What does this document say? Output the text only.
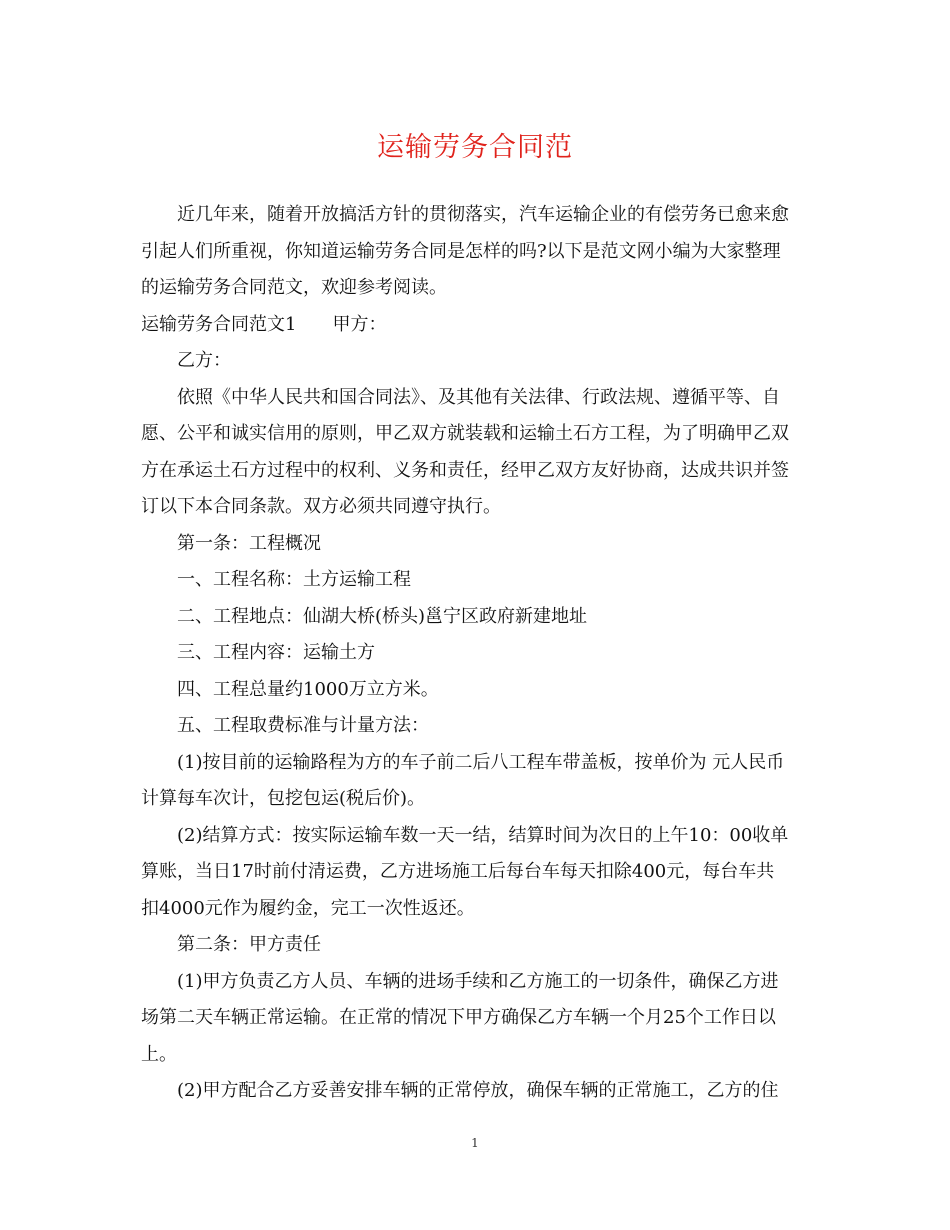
运输劳务合同范

近几年来，随着开放搞活方针的贯彻落实，汽车运输企业的有偿劳务已愈来愈

引起人们所重视，你知道运输劳务合同是怎样的吗?以下是范文网小编为大家整理

的运输劳务合同范文，欢迎参考阅读。

运输劳务合同范文1 甲方：

乙方：

依照《中华人民共和国合同法》、及其他有关法律、行政法规、遵循平等、自

愿、公平和诚实信用的原则，甲乙双方就装载和运输土石方工程，为了明确甲乙双

方在承运土石方过程中的权利、义务和责任，经甲乙双方友好协商，达成共识并签

订以下本合同条款。双方必须共同遵守执行。

第一条：工程概况

一、工程名称：土方运输工程

二、工程地点：仙湖大桥(桥头)邕宁区政府新建地址

三、工程内容：运输土方

四、工程总量约1000万立方米。

五、工程取费标准与计量方法：

(1)按目前的运输路程为方的车子前二后八工程车带盖板，按单价为 元人民币

计算每车次计，包挖包运(税后价)。

(2)结算方式：按实际运输车数一天一结，结算时间为次日的上午10：00收单

算账，当日17时前付清运费，乙方进场施工后每台车每天扣除400元，每台车共

扣4000元作为履约金，完工一次性返还。

第二条：甲方责任

(1)甲方负责乙方人员、车辆的进场手续和乙方施工的一切条件，确保乙方进

场第二天车辆正常运输。在正常的情况下甲方确保乙方车辆一个月25个工作日以

上。

(2)甲方配合乙方妥善安排车辆的正常停放，确保车辆的正常施工，乙方的住

1
